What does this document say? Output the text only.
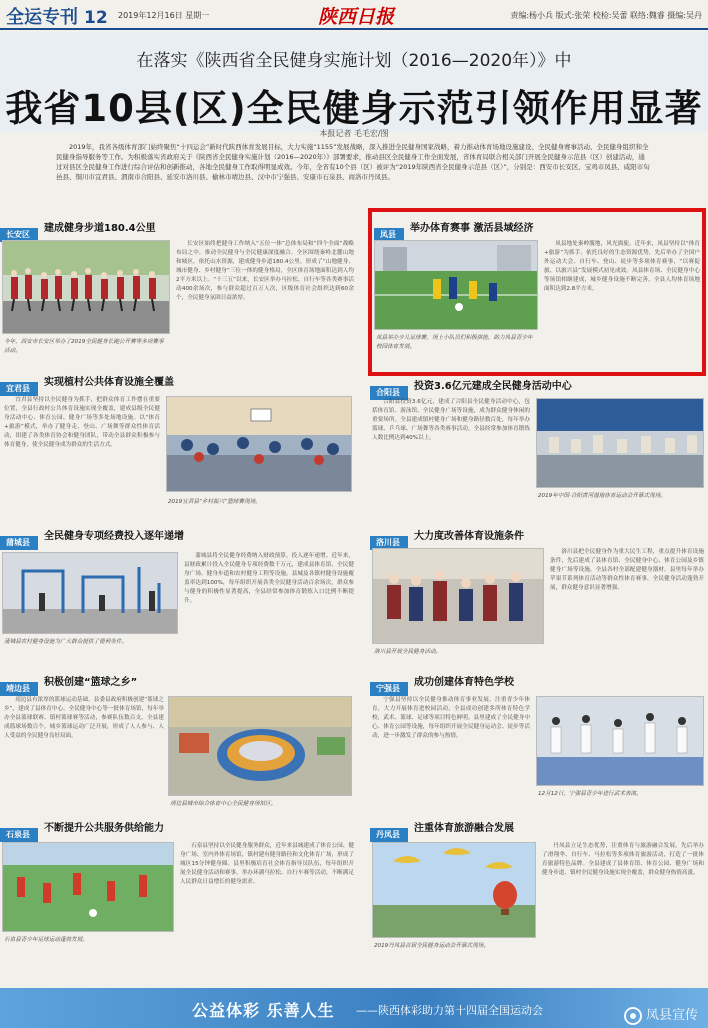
全运专刊 12 2019年12月16日 星期一	陕西日报	责编:杨小兵 版式:张荣 校检:吴蕾 联络:魏睿 摄编:吴丹
在落实《陕西省全民健身实施计划（2016—2020年）》中
我省10县(区)全民健身示范引领作用显著
本报记者 毛毛宏/图

2019年，我省各级体育部门始终聚焦“十四运会”新时代陕西体育发展目标，大力实施“1155”发展战略，深入推进全民健身国家战略，着力推动体育场地设施建设、全民健身赛事活动、全民健身组织和全民健身指导服务等工作。为积极落实省政府关于《陕西省全民健身实施计划（2016—2020年）》部署要求，推动县区全民健身工作全面发展，省体育局联合相关部门开展全民健身示范县（区）创建活动，通过对县区全民健身工作进行综合评估和创新推动，各地全民健身工作取得明显成效。今年，全省有10个县（区）被评为“2019年陕西省全民健身示范县（区）”，分别是：西安市长安区、宝鸡市凤县、咸阳市旬邑县、铜川市宜君县、渭南市合阳县、延安市洛川县、榆林市靖边县、汉中市宁强县、安康市石泉县、商洛市丹凤县。

长安区建成健身步道180.4公里
今年，西安市长安区举办了2019全民健身长跑公开赛等多项赛事活动。

长安区始终把健身工作纳入“五位一体”总体布局和“四个全面”战略布局之中，推动全民健身与全民健康深度融合。全区围绕秦岭北麓山地和城区，依托山水资源，建成健身步道180.4公里，形成了“山地健身、城市健身、乡村健身”三位一体的健身格局，全区体育场地面积达到人均2平方米以上。“十三五”以来，长安区举办马拉松、自行车等各类赛事活动400余场次，参与群众超过百万人次，区级体育社会组织达到60余个，全民健身氛围日益浓厚。

宜君县实现植村公共体育设施全覆盖

宜君县坚持以全民健身为抓手，把群众体育工作摆在重要位置，全县行政村公共体育设施实现全覆盖，建成县级全民健身活动中心、体育公园、健身广场等多处场地设施。以“体育+旅游”模式，举办了健身走、登山、广场舞等群众性体育活动，组建了各类体育协会和健身团队，带动全县群众积极参与体育健身，使全民健身成为群众的生活方式。

2019宜君县“乡村振兴”篮球赛现场。
蒲城县全民健身专项经费投入逐年递增
蒲城县农村健身设施为广大群众提供了便利条件。

蒲城县将全民健身经费纳入财政预算，投入逐年递增。近年来，县财政累计投入全民健身专项经费数千万元，建成县体育馆、全民健身广场、健身步道和农村健身工程等设施。县城及各镇村健身设施覆盖率达到100%，每年组织开展各类全民健身活动百余场次，群众参与健身的积极性显著提高，全县经常参加体育锻炼人口比例不断提升。

靖边县积极创建“篮球之乡”

靖边县有浓厚的篮球运动基础，县委县政府积极创建“篮球之乡”，建成了县体育中心、全民健身中心等一批体育场馆，每年举办全县篮球联赛、镇村篮球赛等活动，参赛队伍数百支。全县建成篮球场数百个，城乡篮球运动广泛开展，形成了人人参与、人人受益的全民健身良好局面。

靖边县城市综合体育中心全民健身场馆区。
石泉县不断提升公共服务供给能力
石泉县青少年足球运动蓬勃发展。

石泉县坚持以全民健身服务群众，近年来县城建成了体育公园、健身广场、室内外体育场馆，镇村建有健身路径和文化体育广场，形成了城区15分钟健身圈。县里积极培育社会体育指导员队伍，每年组织开展全民健身活动和赛事，举办环湖马拉松、自行车赛等活动，不断满足人民群众日益增长的健身需求。

凤县举办体育赛事 激活县域经济
凤县举办少儿足球赛，场上小队员们积极拼抢，助力凤县青少年校园体育发展。

凤县地处秦岭腹地，风光旖旎。近年来，凤县坚持以“体育+旅游”为抓手，依托良好的生态资源优势，先后举办了全国户外运动大会、自行车、登山、徒步等多项体育赛事，“以赛促旅、以旅兴县”发展模式初见成效。凤县体育场、全民健身中心等场馆相继建成，城乡健身设施不断完善，全县人均体育场地面积达到2.8平方米。

合阳县投资3.6亿元建成全民健身活动中心

合阳县投资3.6亿元，建成了合阳县全民健身活动中心，包括体育馆、游泳馆、全民健身广场等设施，成为群众健身休闲的重要场所。全县建成镇村健身广场和健身路径数百处，每年举办篮球、乒乓球、广场舞等各类赛事活动，全县经常参加体育锻炼人数比例达到40%以上。

2019年中国·合阳黄河湿地体育运动会开幕式现场。
洛川县大力度改善体育设施条件
洛川县开展全民健身活动。

洛川县把全民健身作为重大民生工程，重点提升体育设施条件，先后建成了县体育馆、全民健身中心、体育公园及乡镇健身广场等设施，全县各村全部配建健身器材。县里每年举办苹果节系列体育活动等群众性体育赛事，全民健身活动蓬勃开展，群众健身意识显著增强。

宁强县成功创建体育特色学校

宁强县坚持以全民健身推动体育事业发展，注重青少年体育，大力开展体育进校园活动，全县成功创建多所体育特色学校，武术、篮球、足球等项目特色鲜明。县里建成了全民健身中心、体育公园等设施，每年组织开展全民健身运动会、徒步等活动，进一步激发了群众的参与热情。

12月12日，宁强县青少年进行武术表演。
丹凤县注重体育旅游融合发展
2019丹凤县首届全民健身运动会开幕式现场。

丹凤县立足生态优势，注重体育与旅游融合发展，先后举办了滑翔伞、自行车、马拉松等多项体育旅游活动，打造了一批体育旅游特色品牌。全县建成了县体育馆、体育公园、健身广场和健身步道，镇村全民健身设施实现全覆盖，群众健身热情高涨。

公益体彩 乐善人生 ——陕西体彩助力第十四届全国运动会	凤县宣传
